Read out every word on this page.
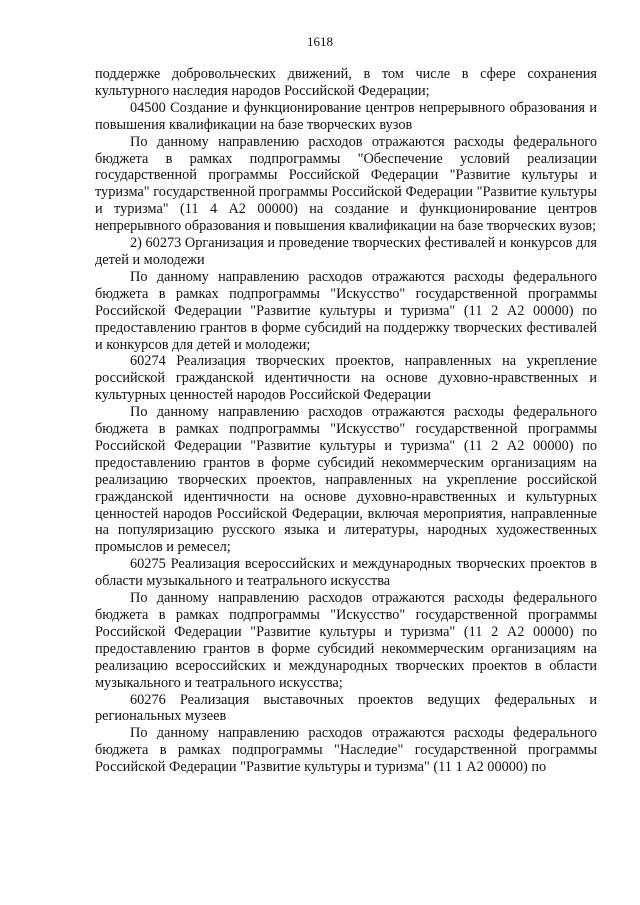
1618

поддержке добровольческих движений, в том числе в сфере сохранения культурного наследия народов Российской Федерации;

04500 Создание и функционирование центров непрерывного образования и повышения квалификации на базе творческих вузов

По данному направлению расходов отражаются расходы федерального бюджета в рамках подпрограммы "Обеспечение условий реализации государственной программы Российской Федерации "Развитие культуры и туризма" государственной программы Российской Федерации "Развитие культуры и туризма" (11 4 А2 00000) на создание и функционирование центров непрерывного образования и повышения квалификации на базе творческих вузов;

2) 60273 Организация и проведение творческих фестивалей и конкурсов для детей и молодежи

По данному направлению расходов отражаются расходы федерального бюджета в рамках подпрограммы "Искусство" государственной программы Российской Федерации "Развитие культуры и туризма" (11 2 А2 00000) по предоставлению грантов в форме субсидий на поддержку творческих фестивалей и конкурсов для детей и молодежи;

60274 Реализация творческих проектов, направленных на укрепление российской гражданской идентичности на основе духовно-нравственных и культурных ценностей народов Российской Федерации

По данному направлению расходов отражаются расходы федерального бюджета в рамках подпрограммы "Искусство" государственной программы Российской Федерации "Развитие культуры и туризма" (11 2 А2 00000) по предоставлению грантов в форме субсидий некоммерческим организациям на реализацию творческих проектов, направленных на укрепление российской гражданской идентичности на основе духовно-нравственных и культурных ценностей народов Российской Федерации, включая мероприятия, направленные на популяризацию русского языка и литературы, народных художественных промыслов и ремесел;

60275 Реализация всероссийских и международных творческих проектов в области музыкального и театрального искусства

По данному направлению расходов отражаются расходы федерального бюджета в рамках подпрограммы "Искусство" государственной программы Российской Федерации "Развитие культуры и туризма" (11 2 А2 00000) по предоставлению грантов в форме субсидий некоммерческим организациям на реализацию всероссийских и международных творческих проектов в области музыкального и театрального искусства;

60276 Реализация выставочных проектов ведущих федеральных и региональных музеев

По данному направлению расходов отражаются расходы федерального бюджета в рамках подпрограммы "Наследие" государственной программы Российской Федерации "Развитие культуры и туризма" (11 1 А2 00000) по
